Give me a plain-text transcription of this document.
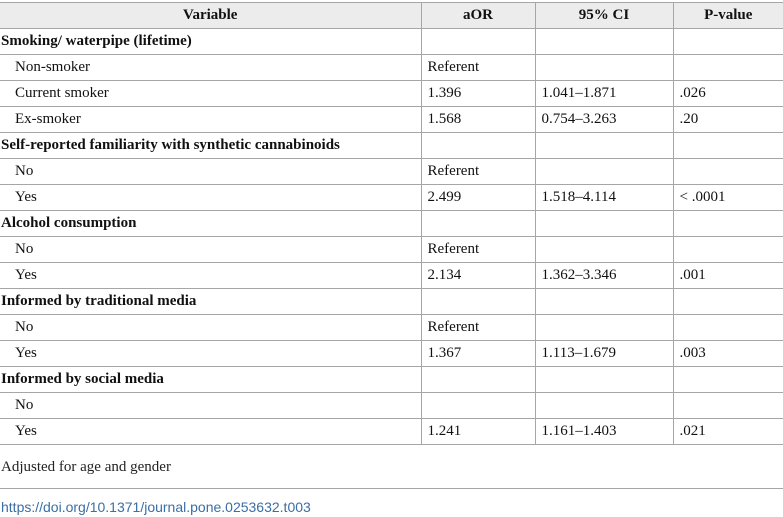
Variable	aOR	95% CI	P-value
Smoking/ waterpipe (lifetime)			
Non-smoker	Referent		
Current smoker	1.396	1.041–1.871	.026
Ex-smoker	1.568	0.754–3.263	.20
Self-reported familiarity with synthetic cannabinoids			
No	Referent		
Yes	2.499	1.518–4.114	< .0001
Alcohol consumption			
No	Referent		
Yes	2.134	1.362–3.346	.001
Informed by traditional media			
No	Referent		
Yes	1.367	1.113–1.679	.003
Informed by social media			
No			
Yes	1.241	1.161–1.403	.021
Adjusted for age and gender
https://doi.org/10.1371/journal.pone.0253632.t003
